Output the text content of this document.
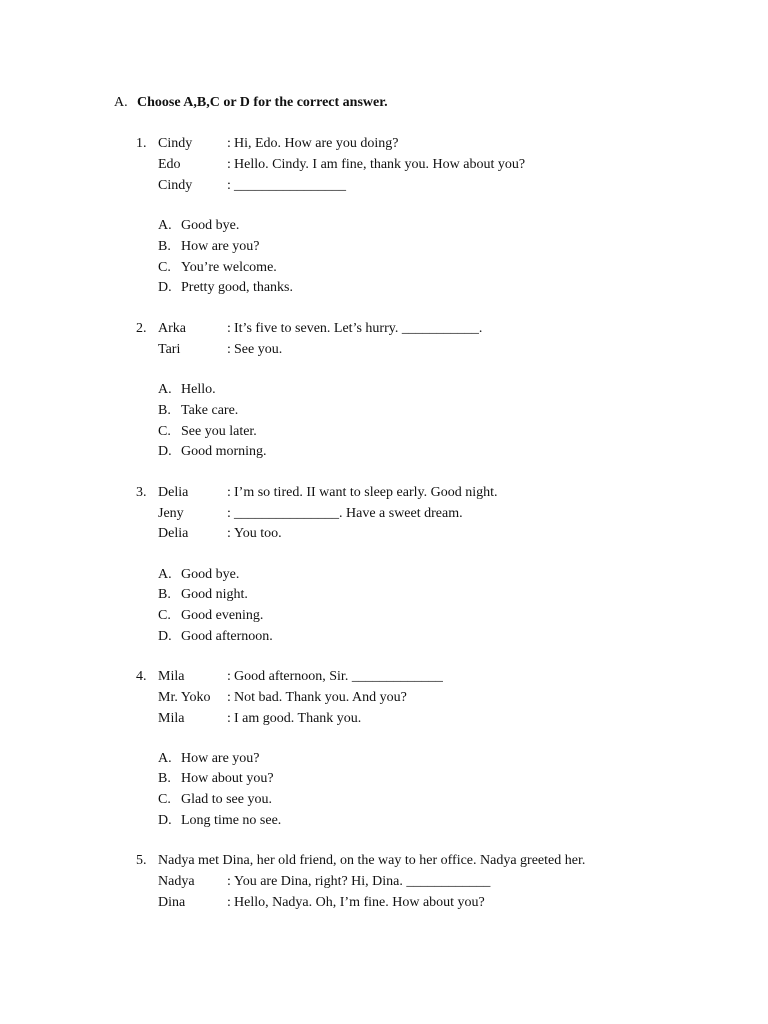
A. Choose A,B,C or D for the correct answer.
1. Cindy : Hi, Edo. How are you doing?
Edo	: Hello. Cindy. I am fine, thank you. How about you?
Cindy : ________________
A. Good bye.
B. How are you?
C. You’re welcome.
D. Pretty good, thanks.
2. Arka	: It’s five to seven. Let’s hurry. ___________.
Tari	: See you.
A. Hello.
B. Take care.
C. See you later.
D. Good morning.
3. Delia	: I’m so tired. II want to sleep early. Good night.
Jeny	: _______________. Have a sweet dream.
Delia	: You too.
A. Good bye.
B. Good night.
C. Good evening.
D. Good afternoon.
4. Mila	: Good afternoon, Sir. _____________
Mr. Yoko : Not bad. Thank you. And you?
Mila	: I am good. Thank you.
A. How are you?
B. How about you?
C. Glad to see you.
D. Long time no see.
5. Nadya met Dina, her old friend, on the way to her office. Nadya greeted her.
Nadya : You are Dina, right? Hi, Dina. ____________
Dina	: Hello, Nadya. Oh, I’m fine. How about you?
